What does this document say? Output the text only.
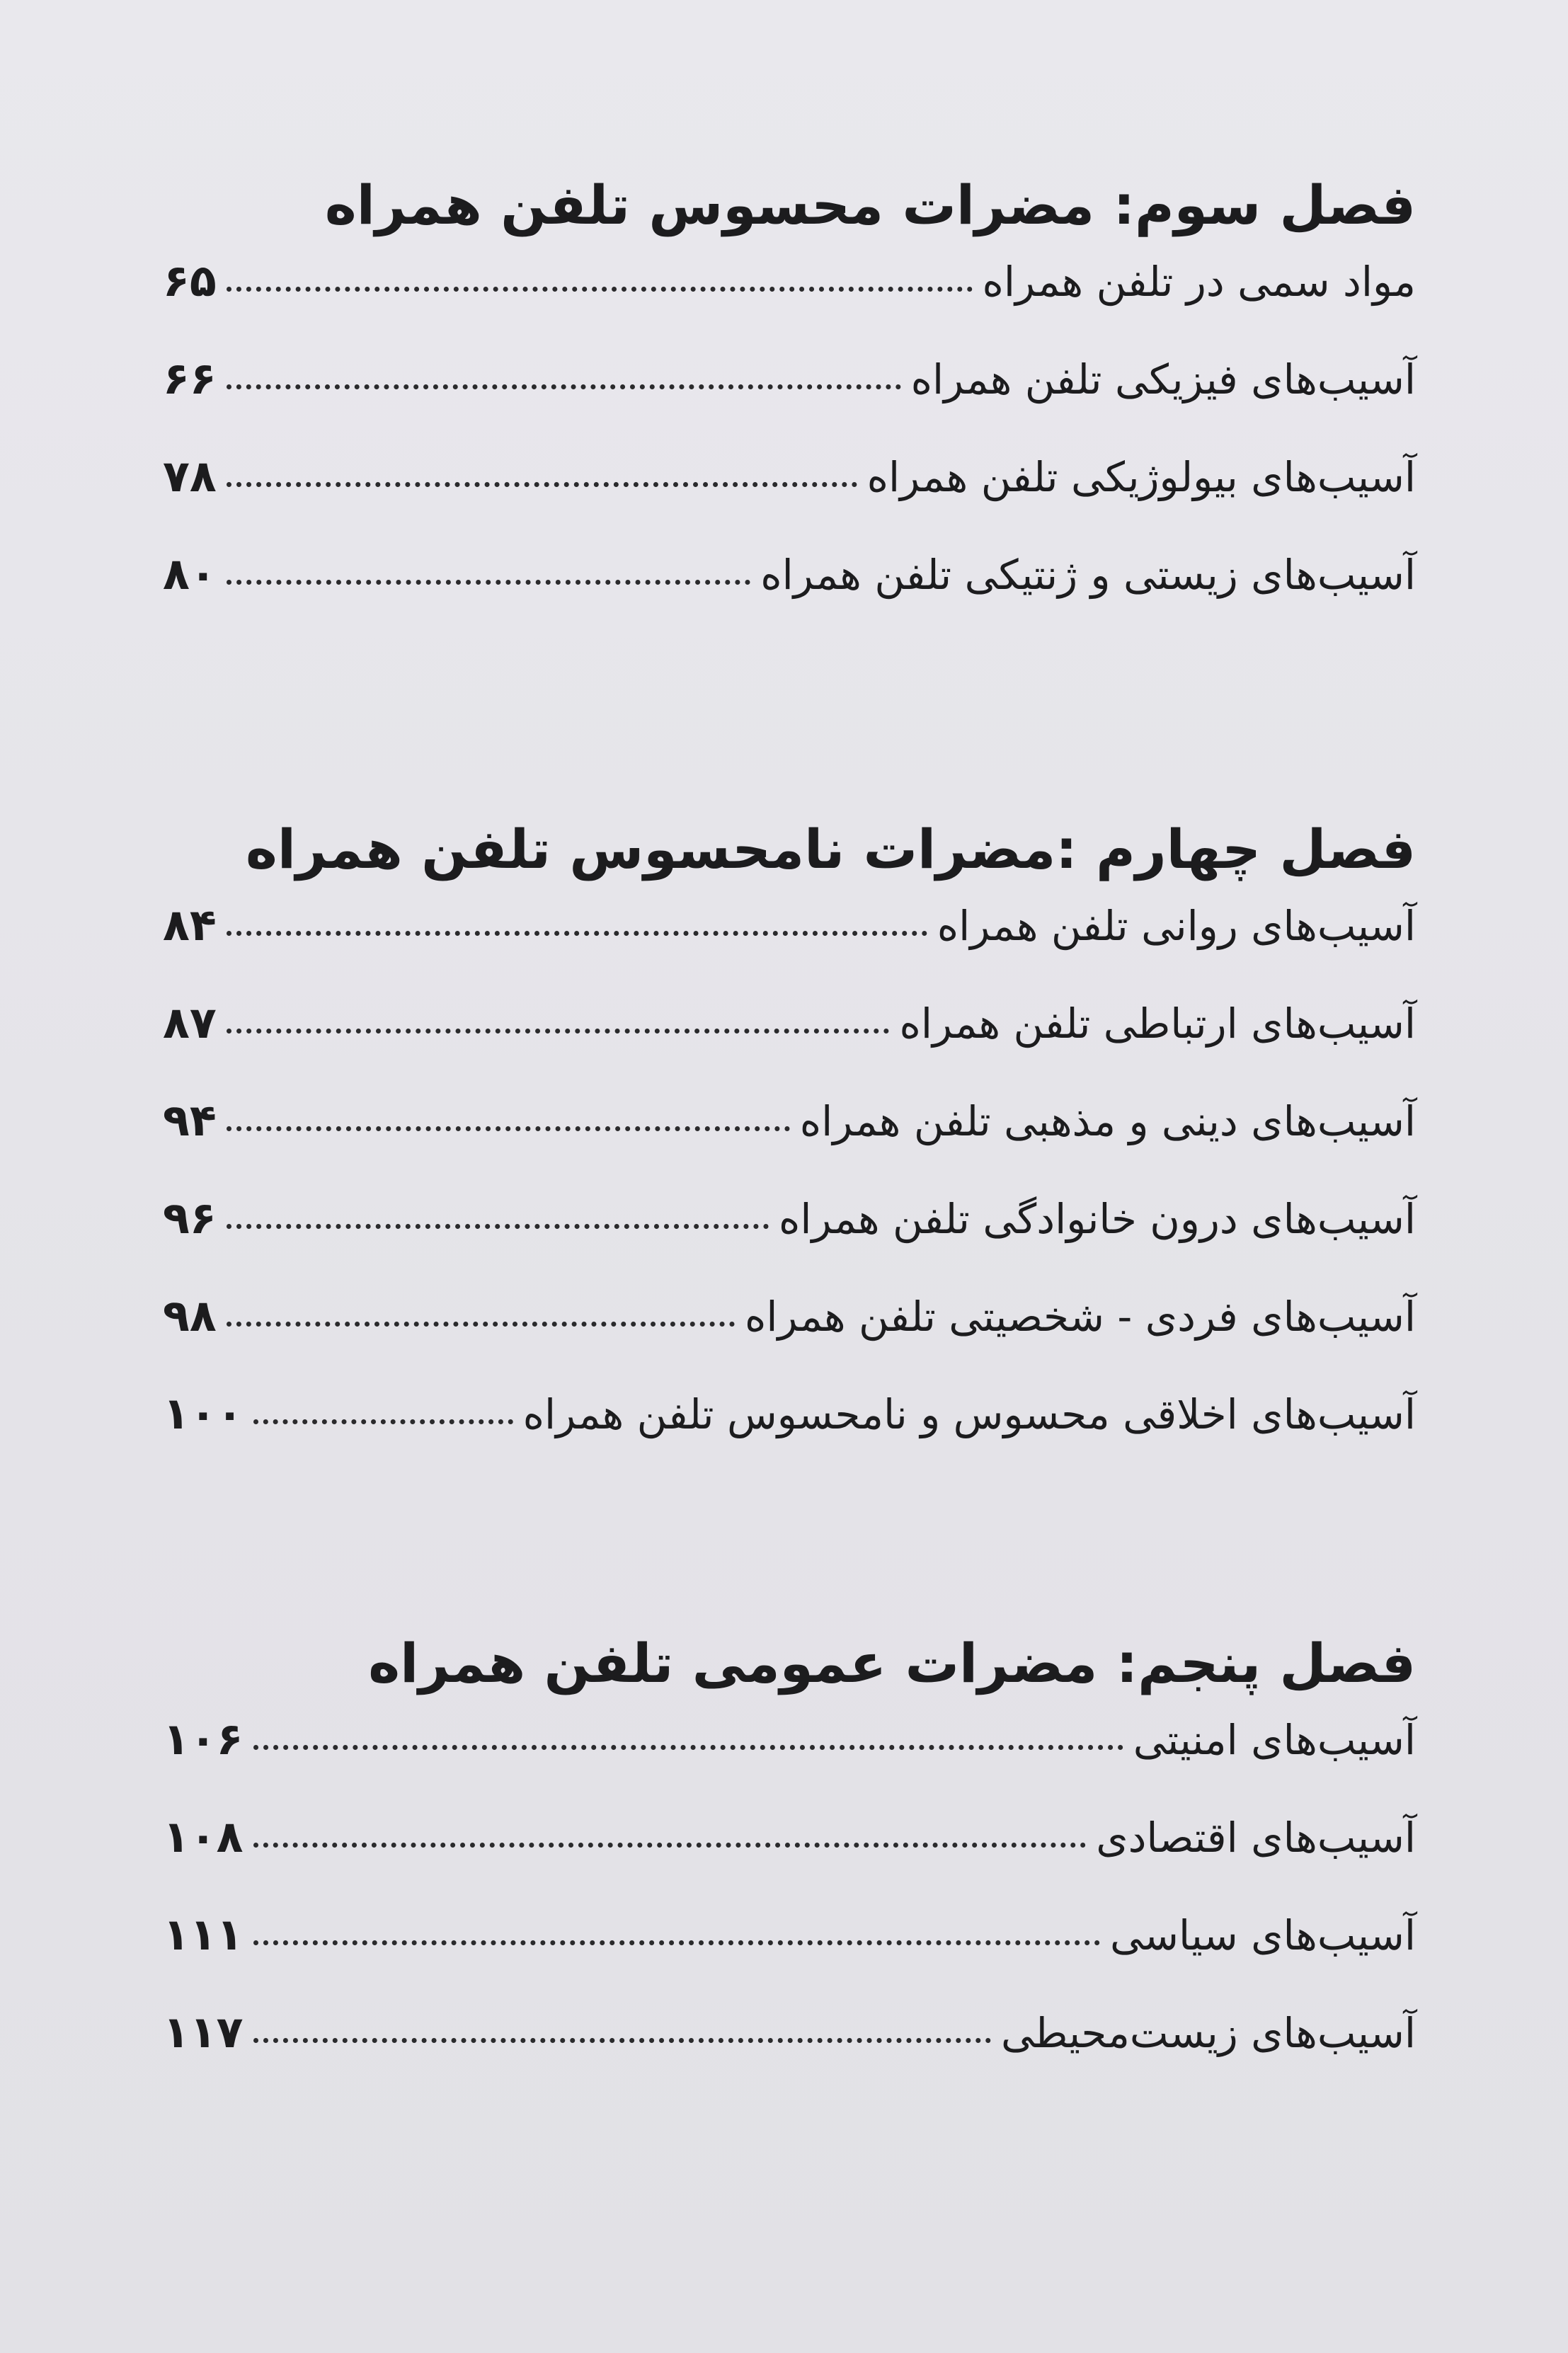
فصل سوم: مضرات محسوس تلفن همراه
مواد سمی در تلفن همراه
۶۵
آسیب‌های فیزیکی تلفن همراه
۶۶
آسیب‌های بیولوژیکی تلفن همراه
۷۸
آسیب‌های زیستی و ژنتیکی تلفن همراه
۸۰
فصل چهارم :مضرات نامحسوس تلفن همراه
آسیب‌های روانی تلفن همراه
۸۴
آسیب‌های ارتباطی تلفن همراه
۸۷
آسیب‌های دینی و مذهبی تلفن همراه
۹۴
آسیب‌های درون خانوادگی تلفن همراه
۹۶
آسیب‌های فردی - شخصیتی تلفن همراه
۹۸
آسیب‌های اخلاقی محسوس و نامحسوس تلفن همراه
۱۰۰
فصل پنجم: مضرات عمومی تلفن همراه
آسیب‌های امنیتی
۱۰۶
آسیب‌های اقتصادی
۱۰۸
آسیب‌های سیاسی
۱۱۱
آسیب‌های زیست‌محیطی
۱۱۷
